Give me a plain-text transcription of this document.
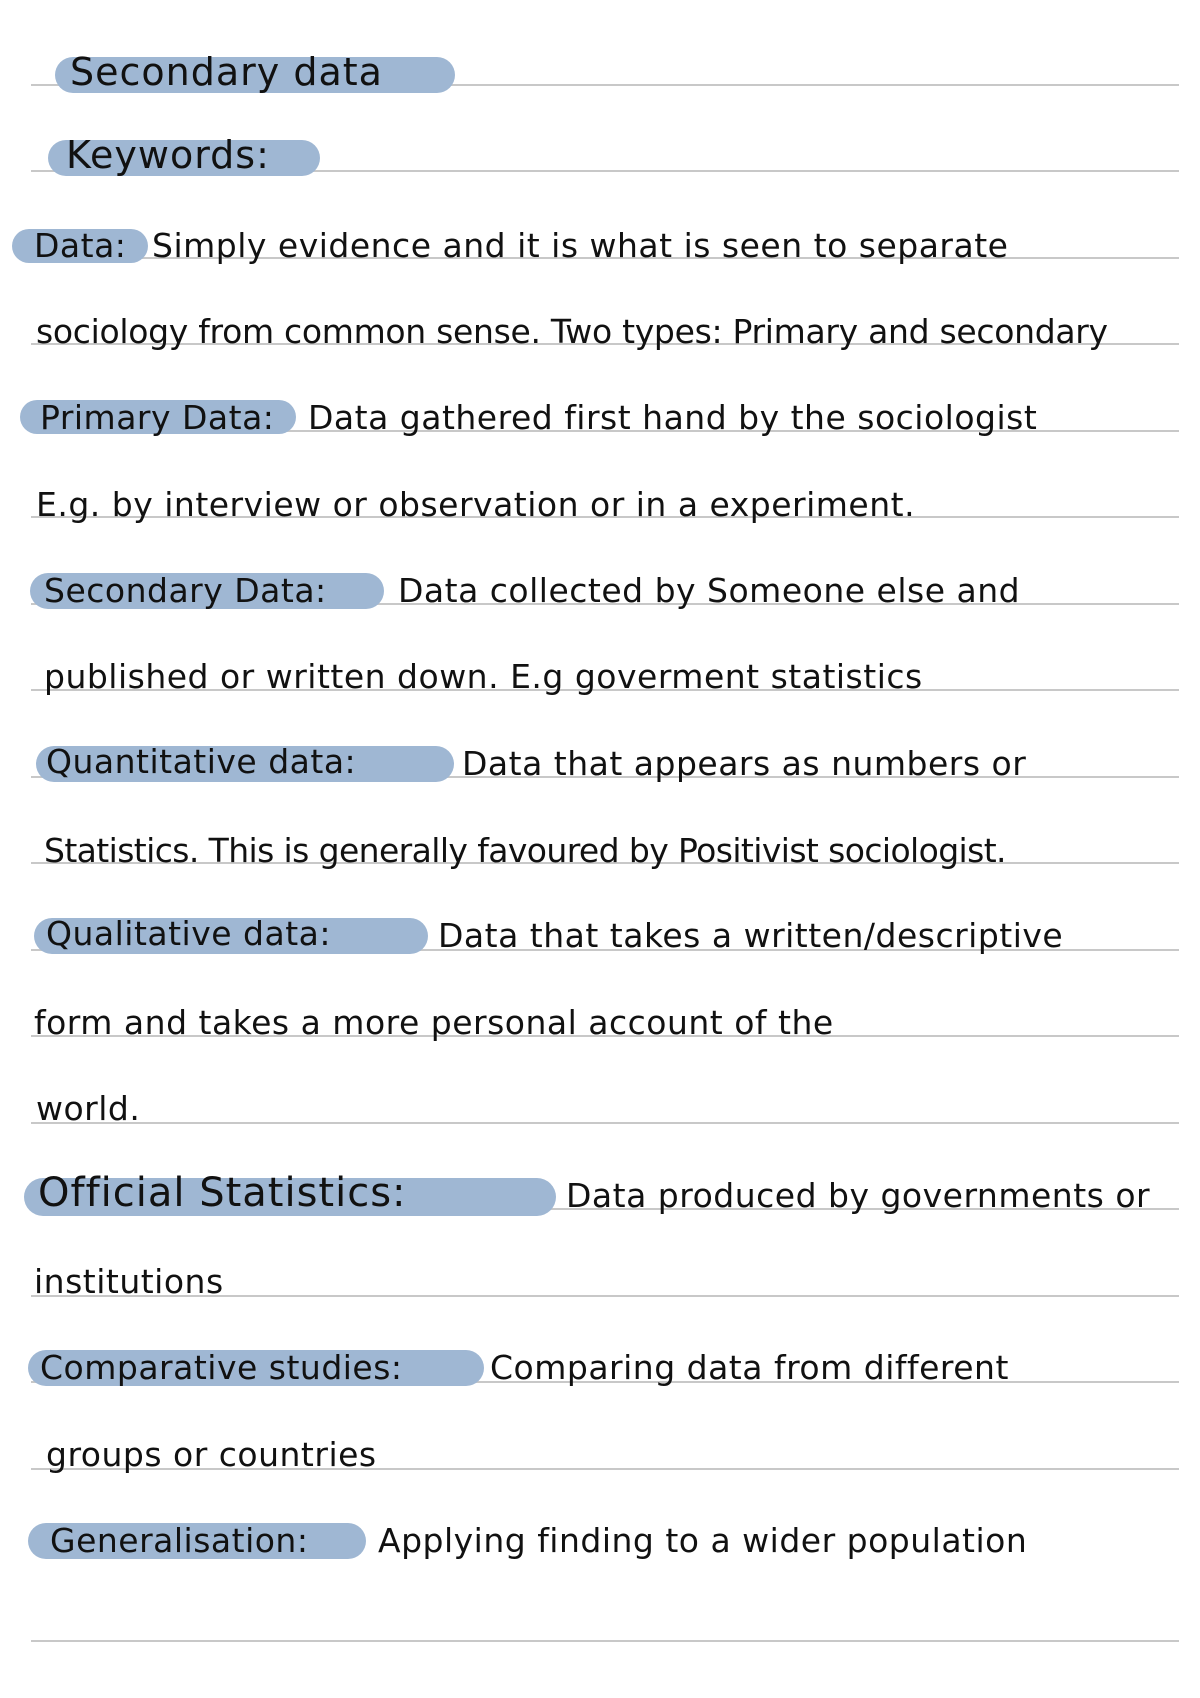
Secondary data
Keywords:
Data: Simply evidence and it is what is seen to separate
sociology from common sense. Two types: Primary and secondary
Primary Data: Data gathered first hand by the sociologist
E.g. by interview or observation or in a experiment.
Secondary Data: Data collected by Someone else and
published or written down. E.g goverment statistics
Quantitative data:	Data that appears as numbers or
Statistics. This is generally favoured by Positivist sociologist.
Qualitative data:	Data that takes a written/descriptive
form and takes a more personal account of the
world.
Official Statistics:	Data produced by governments or
institutions
Comparative studies:	Comparing data from different
groups or countries
Generalisation: Applying finding to a wider population
